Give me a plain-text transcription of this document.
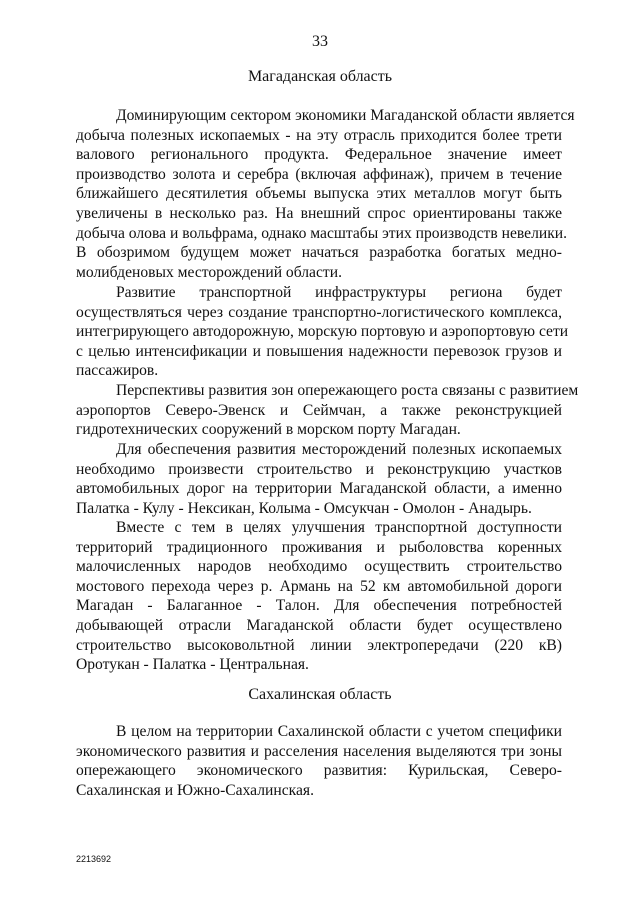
33
Магаданская область
Доминирующим сектором экономики Магаданской области является
добыча полезных ископаемых - на эту отрасль приходится более трети
валового регионального продукта. Федеральное значение имеет
производство золота и серебра (включая аффинаж), причем в течение
ближайшего десятилетия объемы выпуска этих металлов могут быть
увеличены в несколько раз. На внешний спрос ориентированы также
добыча олова и вольфрама, однако масштабы этих производств невелики.
В обозримом будущем может начаться разработка богатых медно-
молибденовых месторождений области.
Развитие транспортной инфраструктуры региона будет
осуществляться через создание транспортно-логистического комплекса,
интегрирующего автодорожную, морскую портовую и аэропортовую сети
с целью интенсификации и повышения надежности перевозок грузов и
пассажиров.
Перспективы развития зон опережающего роста связаны с развитием
аэропортов Северо-Эвенск и Сеймчан, а также реконструкцией
гидротехнических сооружений в морском порту Магадан.
Для обеспечения развития месторождений полезных ископаемых
необходимо произвести строительство и реконструкцию участков
автомобильных дорог на территории Магаданской области, а именно
Палатка - Кулу - Нексикан, Колыма - Омсукчан - Омолон - Анадырь.
Вместе с тем в целях улучшения транспортной доступности
территорий традиционного проживания и рыболовства коренных
малочисленных народов необходимо осуществить строительство
мостового перехода через р. Армань на 52 км автомобильной дороги
Магадан - Балаганное - Талон. Для обеспечения потребностей
добывающей отрасли Магаданской области будет осуществлено
строительство высоковольтной линии электропередачи (220 кВ)
Оротукан - Палатка - Центральная.
Сахалинская область
В целом на территории Сахалинской области с учетом специфики
экономического развития и расселения населения выделяются три зоны
опережающего экономического развития: Курильская, Северо-
Сахалинская и Южно-Сахалинская.
2213692
